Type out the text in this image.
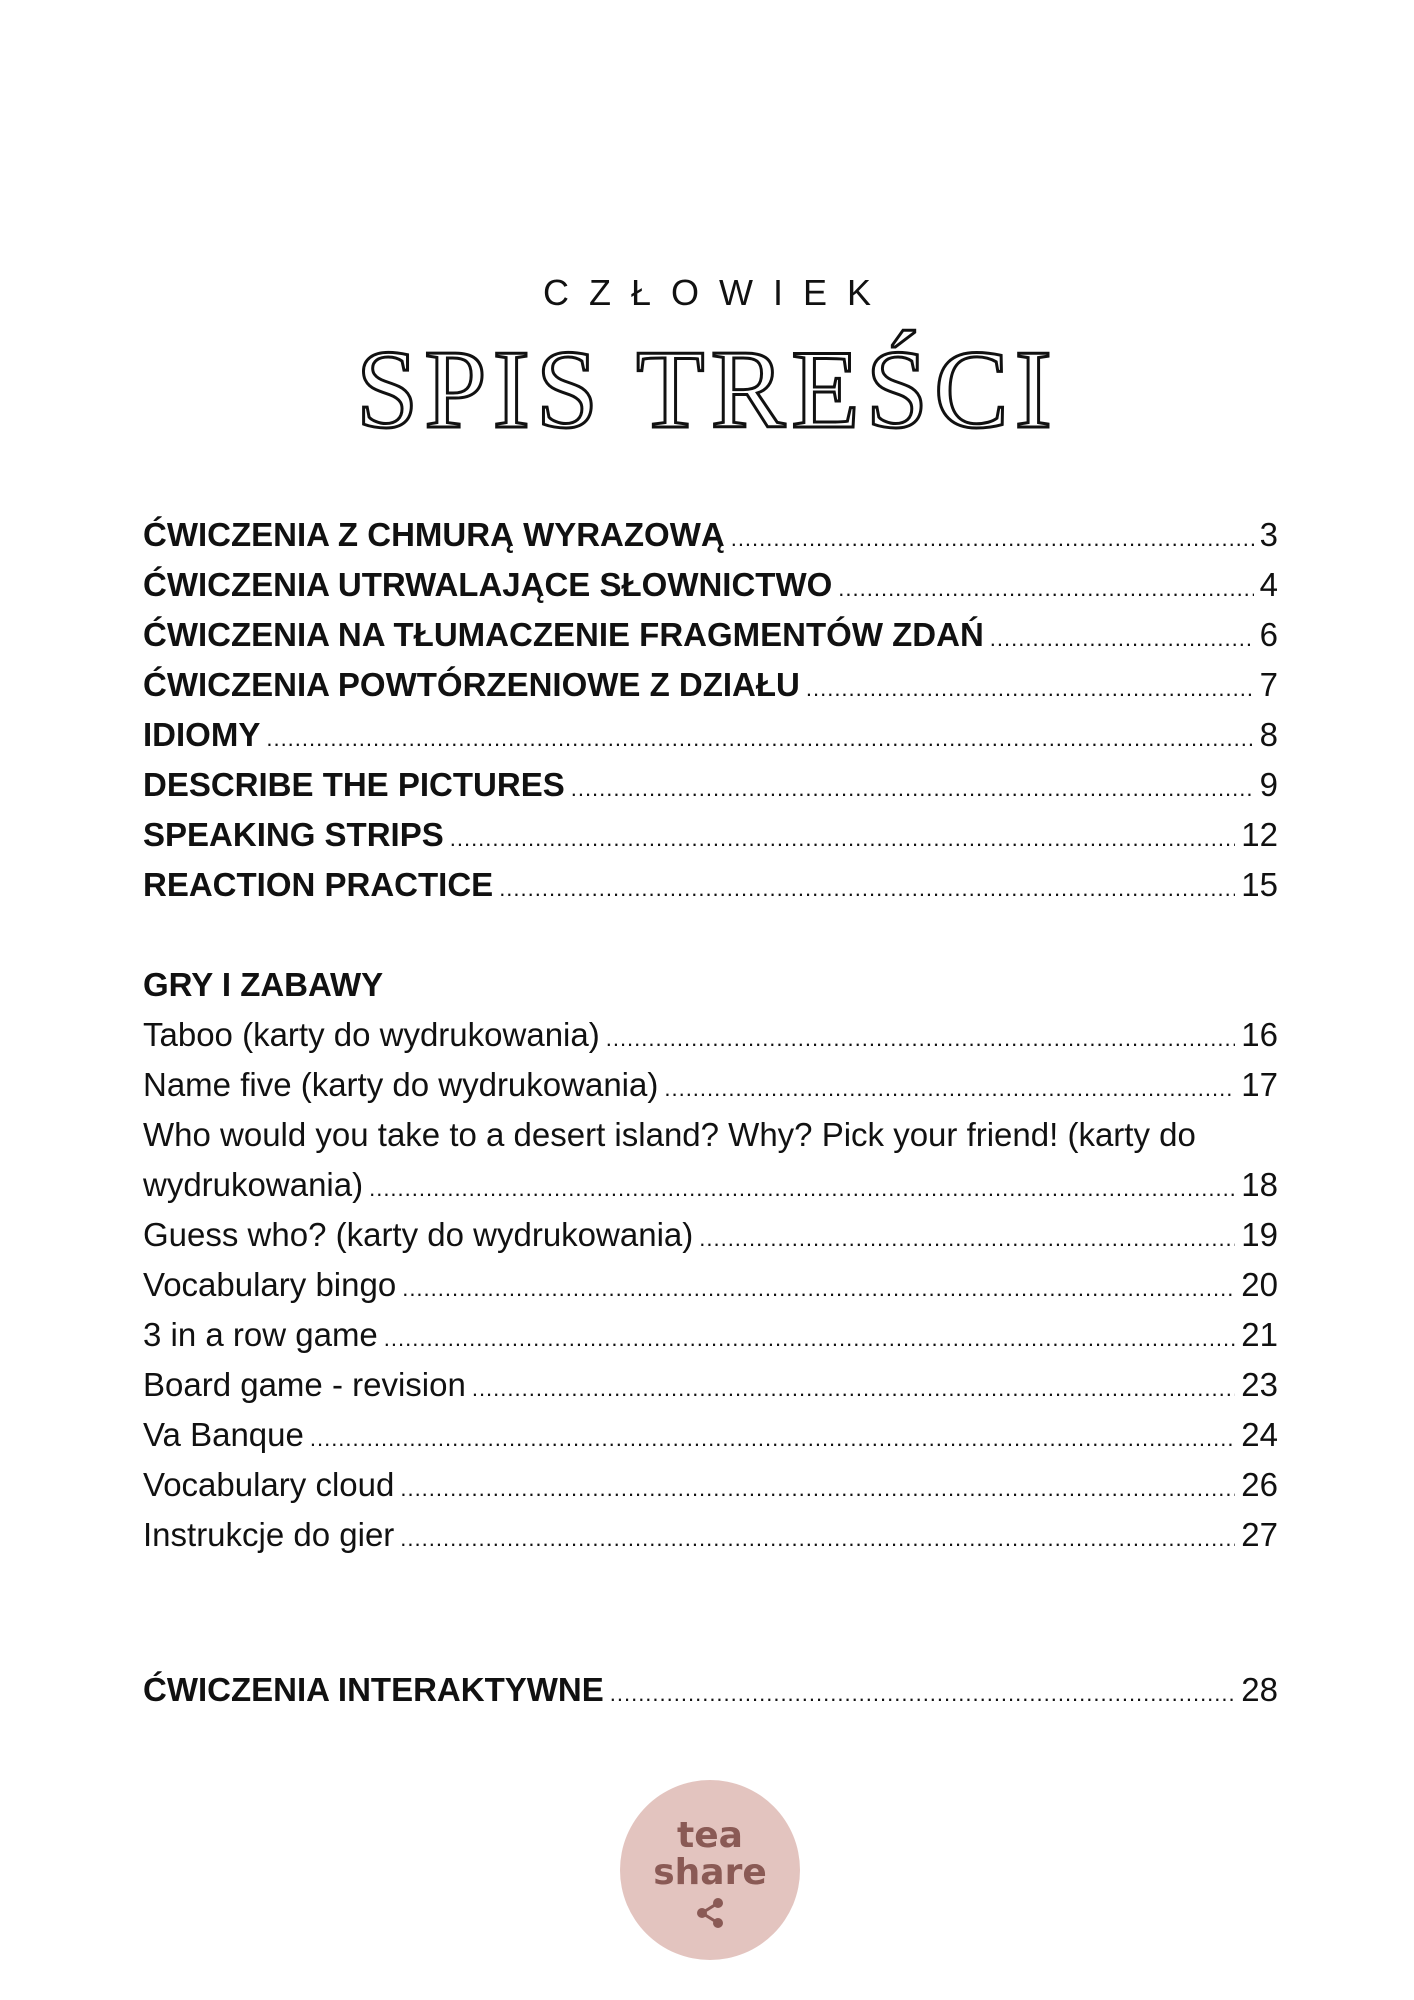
CZŁOWIEK
SPIS TREŚCI
ĆWICZENIA Z CHMURĄ WYRAZOWĄ .....	3
ĆWICZENIA UTRWALAJĄCE SŁOWNICTWO .....	4
ĆWICZENIA NA TŁUMACZENIE FRAGMENTÓW ZDAŃ .....	6
ĆWICZENIA POWTÓRZENIOWE Z DZIAŁU .....	7
IDIOMY .....	8
DESCRIBE THE PICTURES .....	9
SPEAKING STRIPS .....	12
REACTION PRACTICE .....	15
GRY I ZABAWY
Taboo (karty do wydrukowania) .....	16
Name five (karty do wydrukowania) .....	17
Who would you take to a desert island? Why? Pick your friend! (karty do
wydrukowania) .....	18
Guess who? (karty do wydrukowania) .....	19
Vocabulary bingo .....	20
3 in a row game .....	21
Board game - revision .....	23
Va Banque .....	24
Vocabulary cloud .....	26
Instrukcje do gier .....	27
ĆWICZENIA INTERAKTYWNE .....	28
tea
share
